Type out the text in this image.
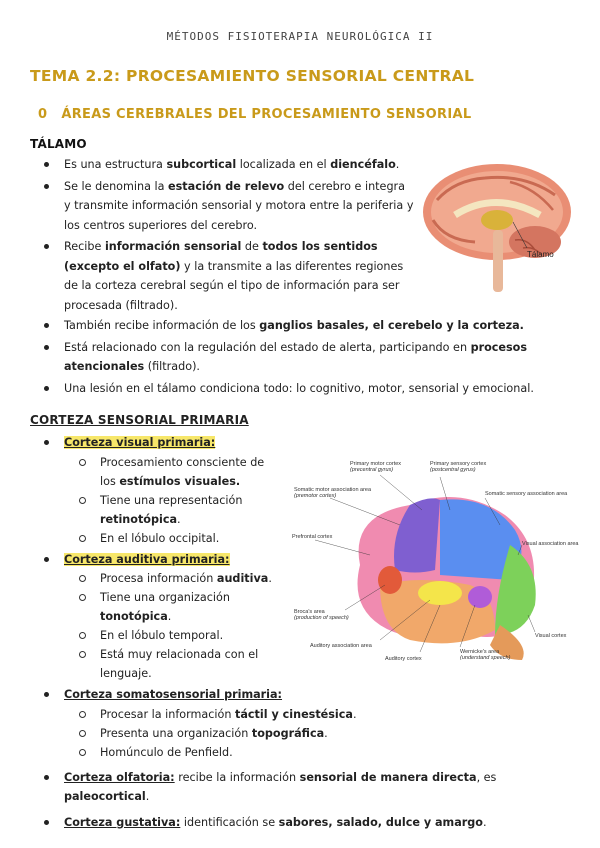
MÉTODOS FISIOTERAPIA NEUROLÓGICA II
TEMA 2.2: PROCESAMIENTO SENSORIAL CENTRAL
0 ÁREAS CEREBRALES DEL PROCESAMIENTO SENSORIAL
TÁLAMO
Es una estructura subcortical localizada en el diencéfalo.
Se le denomina la estación de relevo del cerebro e integra y transmite información sensorial y motora entre la periferia y los centros superiores del cerebro.
Recibe información sensorial de todos los sentidos (excepto el olfato) y la transmite a las diferentes regiones de la corteza cerebral según el tipo de información para ser procesada (filtrado).
También recibe información de los ganglios basales, el cerebelo y la corteza.
Está relacionado con la regulación del estado de alerta, participando en procesos atencionales (filtrado).
Una lesión en el tálamo condiciona todo: lo cognitivo, motor, sensorial y emocional.
Tálamo
CORTEZA SENSORIAL PRIMARIA
Corteza visual primaria:
Procesamiento consciente de los estímulos visuales.
Tiene una representación retinotópica.
En el lóbulo occipital.
Corteza auditiva primaria:
Procesa información auditiva.
Tiene una organización tonotópica.
En el lóbulo temporal.
Está muy relacionada con el lenguaje.
Corteza somatosensorial primaria:
Procesar la información táctil y cinestésica.
Presenta una organización topográfica.
Homúnculo de Penfield.
Corteza olfatoria: recibe la información sensorial de manera directa, es paleocortical.
Corteza gustativa: identificación se sabores, salado, dulce y amargo.
Primary motor cortex
(precentral gyrus)
Primary sensory cortex
(postcentral gyrus)
Somatic motor association area
(premotor cortex)	Somatic sensory association area
Prefrontal cortex
Visual association area
Visual cortex
Broca's area
(production of speech)
Auditory association area
Auditory cortex
Wernicke's area
(understand speech)
